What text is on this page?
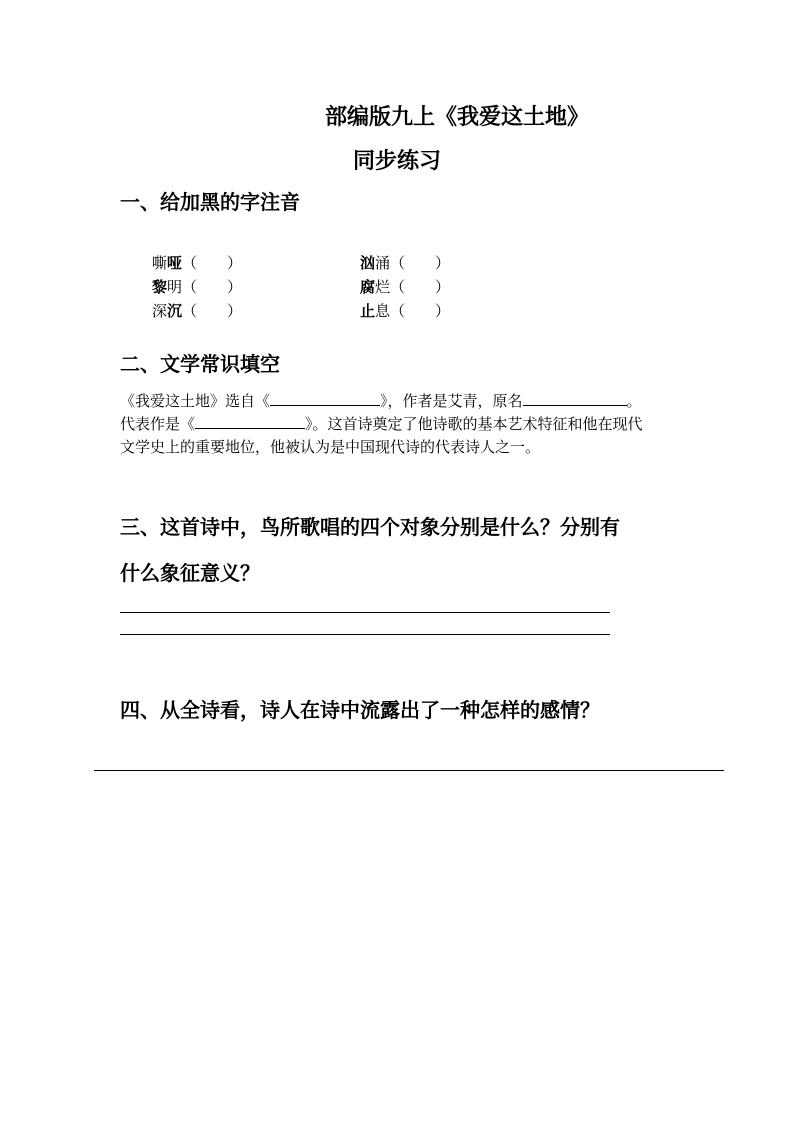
部编版九上《我爱这土地》
同步练习
一、给加黑的字注音
嘶哑（　　）	汹涌（　　）
黎明（　　）	腐烂（　　）
深沉（　　）	止息（　　）
二、文学常识填空
《我爱这土地》选自《	》，作者是艾青，原名	。
代表作是《	》。这首诗奠定了他诗歌的基本艺术特征和他在现代
文学史上的重要地位，他被认为是中国现代诗的代表诗人之一。
三、这首诗中，鸟所歌唱的四个对象分别是什么？分别有
什么象征意义？
四、从全诗看，诗人在诗中流露出了一种怎样的感情？
